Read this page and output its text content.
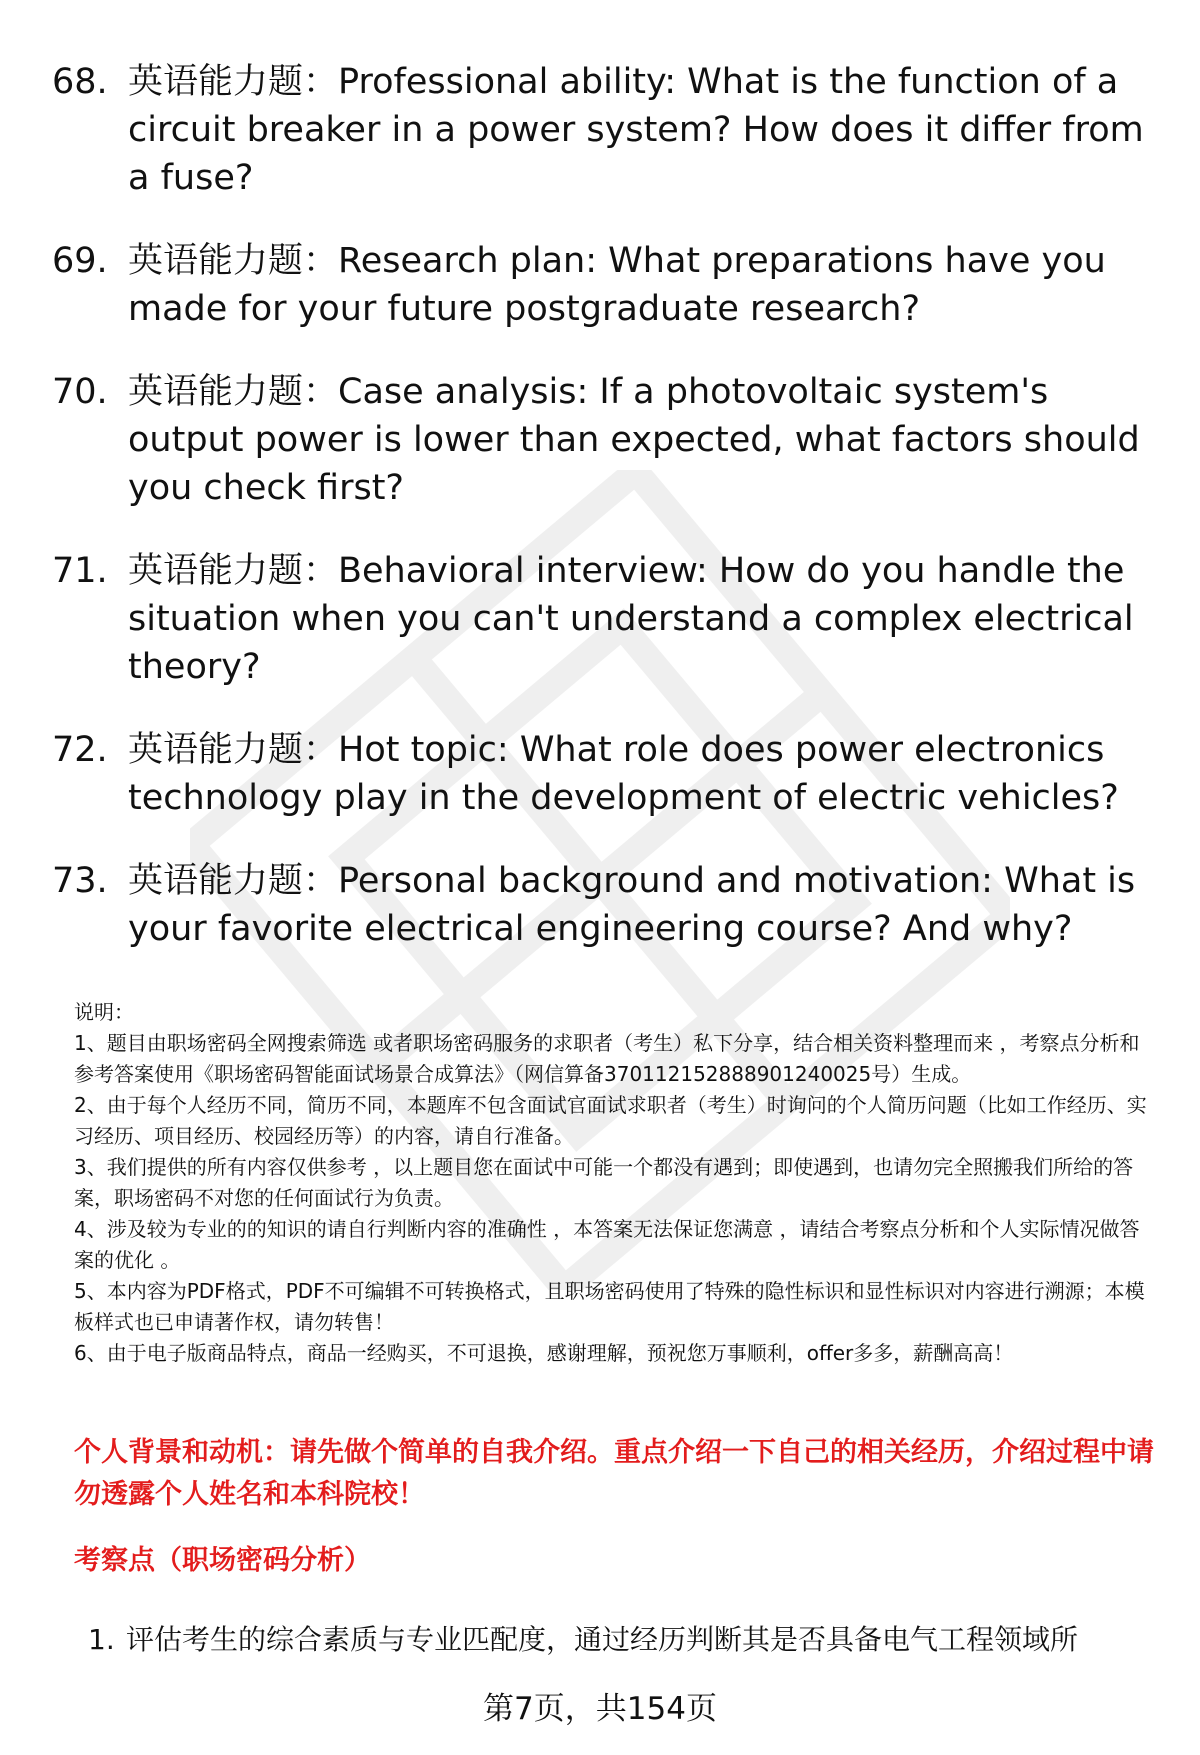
68. 英语能力题：Professional ability: What is the function of a circuit breaker in a power system? How does it differ from a fuse?
69. 英语能力题：Research plan: What preparations have you made for your future postgraduate research?
70. 英语能力题：Case analysis: If a photovoltaic system's output power is lower than expected, what factors should you check first?
71. 英语能力题：Behavioral interview: How do you handle the situation when you can't understand a complex electrical theory?
72. 英语能力题：Hot topic: What role does power electronics technology play in the development of electric vehicles?
73. 英语能力题：Personal background and motivation: What is your favorite electrical engineering course? And why?

说明：

1、题目由职场密码全网搜索筛选 或者职场密码服务的求职者（考生）私下分享，结合相关资料整理而来 ，考察点分析和参考答案使用《职场密码智能面试场景合成算法》（网信算备370112152888901240025号）生成。

2、由于每个人经历不同，简历不同，本题库不包含面试官面试求职者（考生）时询问的个人简历问题（比如工作经历、实习经历、项目经历、校园经历等）的内容，请自行准备。

3、我们提供的所有内容仅供参考 ，以上题目您在面试中可能一个都没有遇到；即使遇到，也请勿完全照搬我们所给的答案，职场密码不对您的任何面试行为负责。

4、涉及较为专业的的知识的请自行判断内容的准确性 ，本答案无法保证您满意 ，请结合考察点分析和个人实际情况做答案的优化 。

5、本内容为PDF格式，PDF不可编辑不可转换格式，且职场密码使用了特殊的隐性标识和显性标识对内容进行溯源；本模板样式也已申请著作权，请勿转售！

6、由于电子版商品特点，商品一经购买，不可退换，感谢理解，预祝您万事顺利，offer多多，薪酬高高！

个人背景和动机：请先做个简单的自我介绍。重点介绍一下自己的相关经历，介绍过程中请勿透露个人姓名和本科院校！
考察点（职场密码分析）
1. 评估考生的综合素质与专业匹配度，通过经历判断其是否具备电气工程领域所
第7页，共154页
